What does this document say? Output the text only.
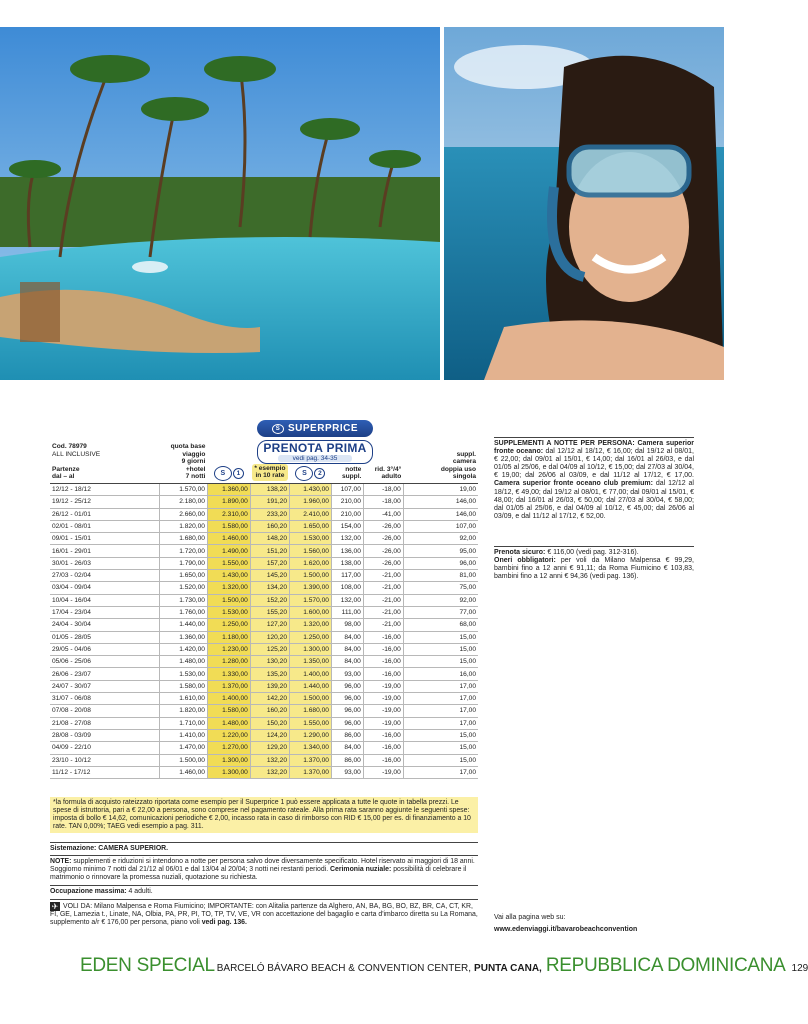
S SUPERPRICE
PRENOTA PRIMA
vedi pag. 34-35
Cod. 78979
ALL INCLUSIVE

Partenze
dal – al	quota base
viaggio
9 giorni
+hotel
7 notti	S 1	* esempio
in 10 rate	S 2	notte
suppl.	rid. 3°/4°
adulto	suppl.
camera
doppia uso
singola
12/12 - 18/12	1.570,00	1.360,00	138,20	1.430,00	107,00	-18,00	19,00
19/12 - 25/12	2.180,00	1.890,00	191,20	1.960,00	210,00	-18,00	146,00
26/12 - 01/01	2.660,00	2.310,00	233,20	2.410,00	210,00	-41,00	146,00
02/01 - 08/01	1.820,00	1.580,00	160,20	1.650,00	154,00	-26,00	107,00
09/01 - 15/01	1.680,00	1.460,00	148,20	1.530,00	132,00	-26,00	92,00
16/01 - 29/01	1.720,00	1.490,00	151,20	1.560,00	136,00	-26,00	95,00
30/01 - 26/03	1.790,00	1.550,00	157,20	1.620,00	138,00	-26,00	96,00
27/03 - 02/04	1.650,00	1.430,00	145,20	1.500,00	117,00	-21,00	81,00
03/04 - 09/04	1.520,00	1.320,00	134,20	1.390,00	108,00	-21,00	75,00
10/04 - 16/04	1.730,00	1.500,00	152,20	1.570,00	132,00	-21,00	92,00
17/04 - 23/04	1.760,00	1.530,00	155,20	1.600,00	111,00	-21,00	77,00
24/04 - 30/04	1.440,00	1.250,00	127,20	1.320,00	98,00	-21,00	68,00
01/05 - 28/05	1.360,00	1.180,00	120,20	1.250,00	84,00	-16,00	15,00
29/05 - 04/06	1.420,00	1.230,00	125,20	1.300,00	84,00	-16,00	15,00
05/06 - 25/06	1.480,00	1.280,00	130,20	1.350,00	84,00	-16,00	15,00
26/06 - 23/07	1.530,00	1.330,00	135,20	1.400,00	93,00	-16,00	16,00
24/07 - 30/07	1.580,00	1.370,00	139,20	1.440,00	96,00	-19,00	17,00
31/07 - 06/08	1.610,00	1.400,00	142,20	1.500,00	96,00	-19,00	17,00
07/08 - 20/08	1.820,00	1.580,00	160,20	1.680,00	96,00	-19,00	17,00
21/08 - 27/08	1.710,00	1.480,00	150,20	1.550,00	96,00	-19,00	17,00
28/08 - 03/09	1.410,00	1.220,00	124,20	1.290,00	86,00	-16,00	15,00
04/09 - 22/10	1.470,00	1.270,00	129,20	1.340,00	84,00	-16,00	15,00
23/10 - 10/12	1.500,00	1.300,00	132,20	1.370,00	86,00	-16,00	15,00
11/12 - 17/12	1.460,00	1.300,00	132,20	1.370,00	93,00	-19,00	17,00
*la formula di acquisto rateizzato riportata come esempio per il Superprice 1 può essere applicata a tutte le quote in tabella prezzi. Le spese di istruttoria, pari a € 22,00 a persona, sono comprese nel pagamento rateale. Alla prima rata saranno aggiunte le seguenti spese: imposta di bollo € 14,62, comunicazioni periodiche € 2,00, incasso rata in caso di rimborso con RID € 15,00 per es. di finanziamento a 10 rate. TAN 0,00%; TAEG vedi esempio a pag. 311.
Sistemazione: CAMERA SUPERIOR.
NOTE: supplementi e riduzioni si intendono a notte per persona salvo dove diversamente specificato. Hotel riservato ai maggiori di 18 anni. Soggiorno minimo 7 notti dal 21/12 al 06/01 e dal 13/04 al 20/04; 3 notti nei restanti periodi. Cerimonia nuziale: possibilità di celebrare il matrimonio o rinnovare la promessa nuziali, quotazione su richiesta.
Occupazione massima: 4 adulti.
✈ VOLI DA: Milano Malpensa e Roma Fiumicino; IMPORTANTE: con Alitalia partenze da Alghero, AN, BA, BG, BO, BZ, BR, CA, CT, KR, FI, GE, Lamezia t., Linate, NA, Olbia, PA, PR, PI, TO, TP, TV, VE, VR con accettazione del bagaglio e carta d'imbarco diretta su La Romana, supplemento a/r € 176,00 per persona, piano voli vedi pag. 136.
SUPPLEMENTI A NOTTE PER PERSONA: Camera superior fronte oceano: dal 12/12 al 18/12, € 16,00; dal 19/12 al 08/01, € 22,00; dal 09/01 al 15/01, € 14,00; dal 16/01 al 26/03, e dal 01/05 al 25/06, e dal 04/09 al 10/12, € 15,00; dal 27/03 al 30/04, € 19,00; dal 26/06 al 03/09, e dal 11/12 al 17/12, € 17,00. Camera superior fronte oceano club premium: dal 12/12 al 18/12, € 49,00; dal 19/12 al 08/01, € 77,00; dal 09/01 al 15/01, € 48,00; dal 16/01 al 26/03, € 50,00; dal 27/03 al 30/04, € 58,00; dal 01/05 al 25/06, e dal 04/09 al 10/12, € 45,00; dal 26/06 al 03/09, e dal 11/12 al 17/12, € 52,00.
Prenota sicuro: € 116,00 (vedi pag. 312-316).
Oneri obbligatori: per voli da Milano Malpensa € 99,29, bambini fino a 12 anni € 91,11; da Roma Fiumicino € 103,83, bambini fino a 12 anni € 94,36 (vedi pag. 136).
Vai alla pagina web su:
www.edenviaggi.it/bavarobeachconvention
EDEN SPECIAL BARCELÓ BÁVARO BEACH & CONVENTION CENTER, PUNTA CANA, REPUBBLICA DOMINICANA 129
